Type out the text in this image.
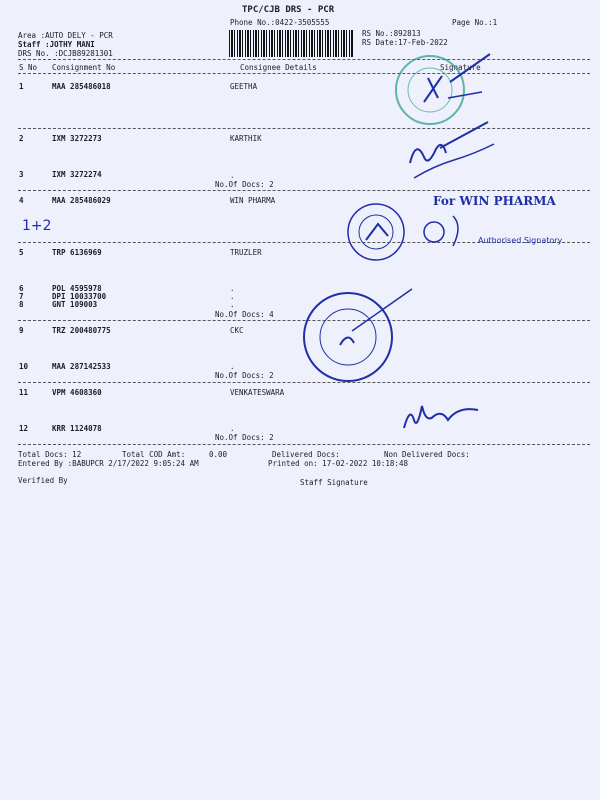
TPC/CJB DRS - PCR
Phone No.:0422-3505555	Page No.:1
Area :AUTO DELY - PCR
Staff :JOTHY MANI
DRS No. :DCJB89281301
RS No.:892813
RS Date:17-Feb-2022
S No Consignment No	Consignee Details	Signature
1	MAA 285486018	GEETHA
2	IXM 3272273	KARTHIK
3	IXM 3272274	.
No.Of Docs: 2
4	MAA 285486029	WIN PHARMA
5	TRP 6136969	TRUZLER
6	POL 4595978	.
7	DPI 10033700	.
8	GNT 109003	.
No.Of Docs: 4
9	TRZ 200480775	CKC
10	MAA 287142533	.
No.Of Docs: 2
11	VPM 4608360	VENKATESWARA
12	KRR 1124078	.
No.Of Docs: 2
Total Docs: 12	Total COD Amt:	0.00	Delivered Docs:	Non Delivered Docs:
Entered By :BABUPCR 2/17/2022 9:05:24 AM	Printed on: 17-02-2022 10:18:48
Verified By	Staff Signature
For WIN PHARMA
Authorised Signatory
1+2
